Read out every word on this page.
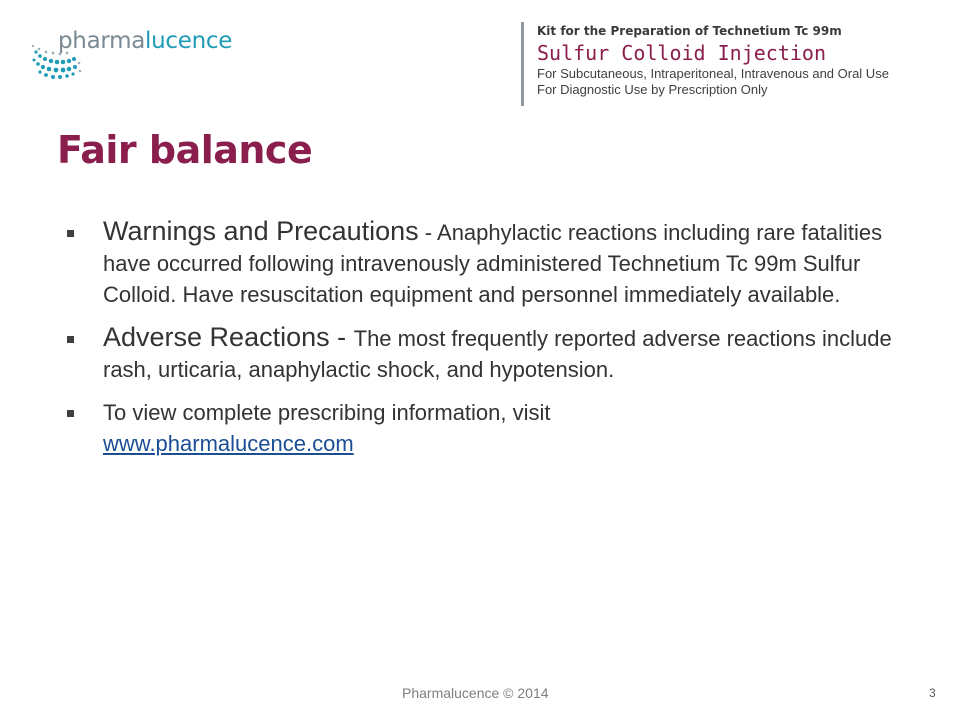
pharmalucence	Kit for the Preparation of Technetium Tc 99m

Sulfur Colloid Injection

For Subcutaneous, Intraperitoneal, Intravenous and Oral Use

For Diagnostic Use by Prescription Only

Fair balance
Warnings and Precautions - Anaphylactic reactions including rare fatalities have occurred following intravenously administered Technetium Tc 99m Sulfur Colloid. Have resuscitation equipment and personnel immediately available.
Adverse Reactions - The most frequently reported adverse reactions include rash, urticaria, anaphylactic shock, and hypotension.
To view complete prescribing information, visit
www.pharmalucence.com
Pharmalucence © 2014	3
